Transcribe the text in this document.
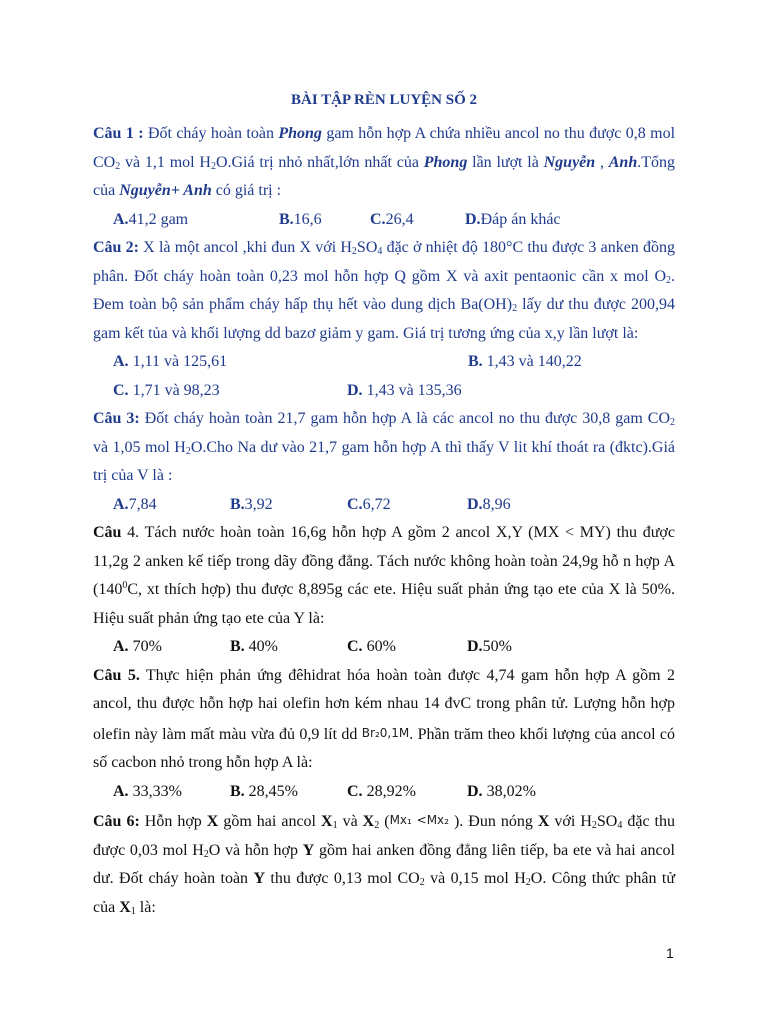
BÀI TẬP RÈN LUYỆN SỐ 2

Câu 1 : Đốt cháy hoàn toàn Phong gam hỗn hợp A chứa nhiều ancol no thu được 0,8 mol $CO_2$ và 1,1 mol $H_2O.Giá$ trị nhỏ nhất,lớn nhất của Phong lần lượt là Nguyễn , Anh.Tổng của Nguyễn+ Anh có giá trị :

A.41,2 gam	B.16,6	C.26,4	D.Đáp án khác

Câu 2: X là một ancol ,khi đun X với $H_2SO_4$ đặc ở nhiệt độ 180°C thu được 3 anken đồng phân. Đốt cháy hoàn toàn 0,23 mol hỗn hợp Q gồm X và axit pentaonic cần x mol $O_2$. Đem toàn bộ sản phẩm cháy hấp thụ hết vào dung dịch $Ba(OH)_2$ lấy dư thu được 200,94 gam kết tủa và khối lượng dd bazơ giảm y gam. Giá trị tương ứng của x,y lần lượt là:

A. 1,11 và 125,61	B. 1,43 và 140,22
C. 1,71 và 98,23	D. 1,43 và 135,36

Câu 3: Đốt cháy hoàn toàn 21,7 gam hỗn hợp A là các ancol no thu được 30,8 gam $CO_2$ và 1,05 mol $H_2O.Cho$ Na dư vào 21,7 gam hỗn hợp A thì thấy V lit khí thoát ra (đktc).Giá trị của V là :

A.7,84	B.3,92	C.6,72	D.8,96

Câu 4. Tách nước hoàn toàn 16,6g hỗn hợp A gồm 2 ancol X,Y (MX < MY) thu được 11,2g 2 anken kế tiếp trong dãy đồng đẳng. Tách nước không hoàn toàn 24,9g hỗ n hợp A ($140^0C$, xt thích hợp) thu được 8,895g các ete. Hiệu suất phản ứng tạo ete của X là 50%. Hiệu suất phản ứng tạo ete của Y là:

A. 70%	B. 40%	C. 60%	D.50%

Câu 5. Thực hiện phản ứng đêhidrat hóa hoàn toàn được 4,74 gam hỗn hợp A gồm 2 ancol, thu được hỗn hợp hai olefin hơn kém nhau 14 đvC trong phân tử. Lượng hỗn hợp olefin này làm mất màu vừa đủ 0,9 lít dd Br₂0,1M. Phần trăm theo khối lượng của ancol có số cacbon nhỏ trong hỗn hợp A là:

A. 33,33%	B. 28,45%	C. 28,92%	D. 38,02%

Câu 6: Hỗn hợp X gồm hai ancol $X_1$ và $X_2$ (Mx₁ <Mx₂ ). Đun nóng X với $H_2SO_4$ đặc thu được 0,03 mol $H_2O$ và hỗn hợp Y gồm hai anken đồng đẳng liên tiếp, ba ete và hai ancol dư. Đốt cháy hoàn toàn Y thu được 0,13 mol $CO_2$ và 0,15 mol $H_2O$. Công thức phân tử của $X_1$ là:

1
